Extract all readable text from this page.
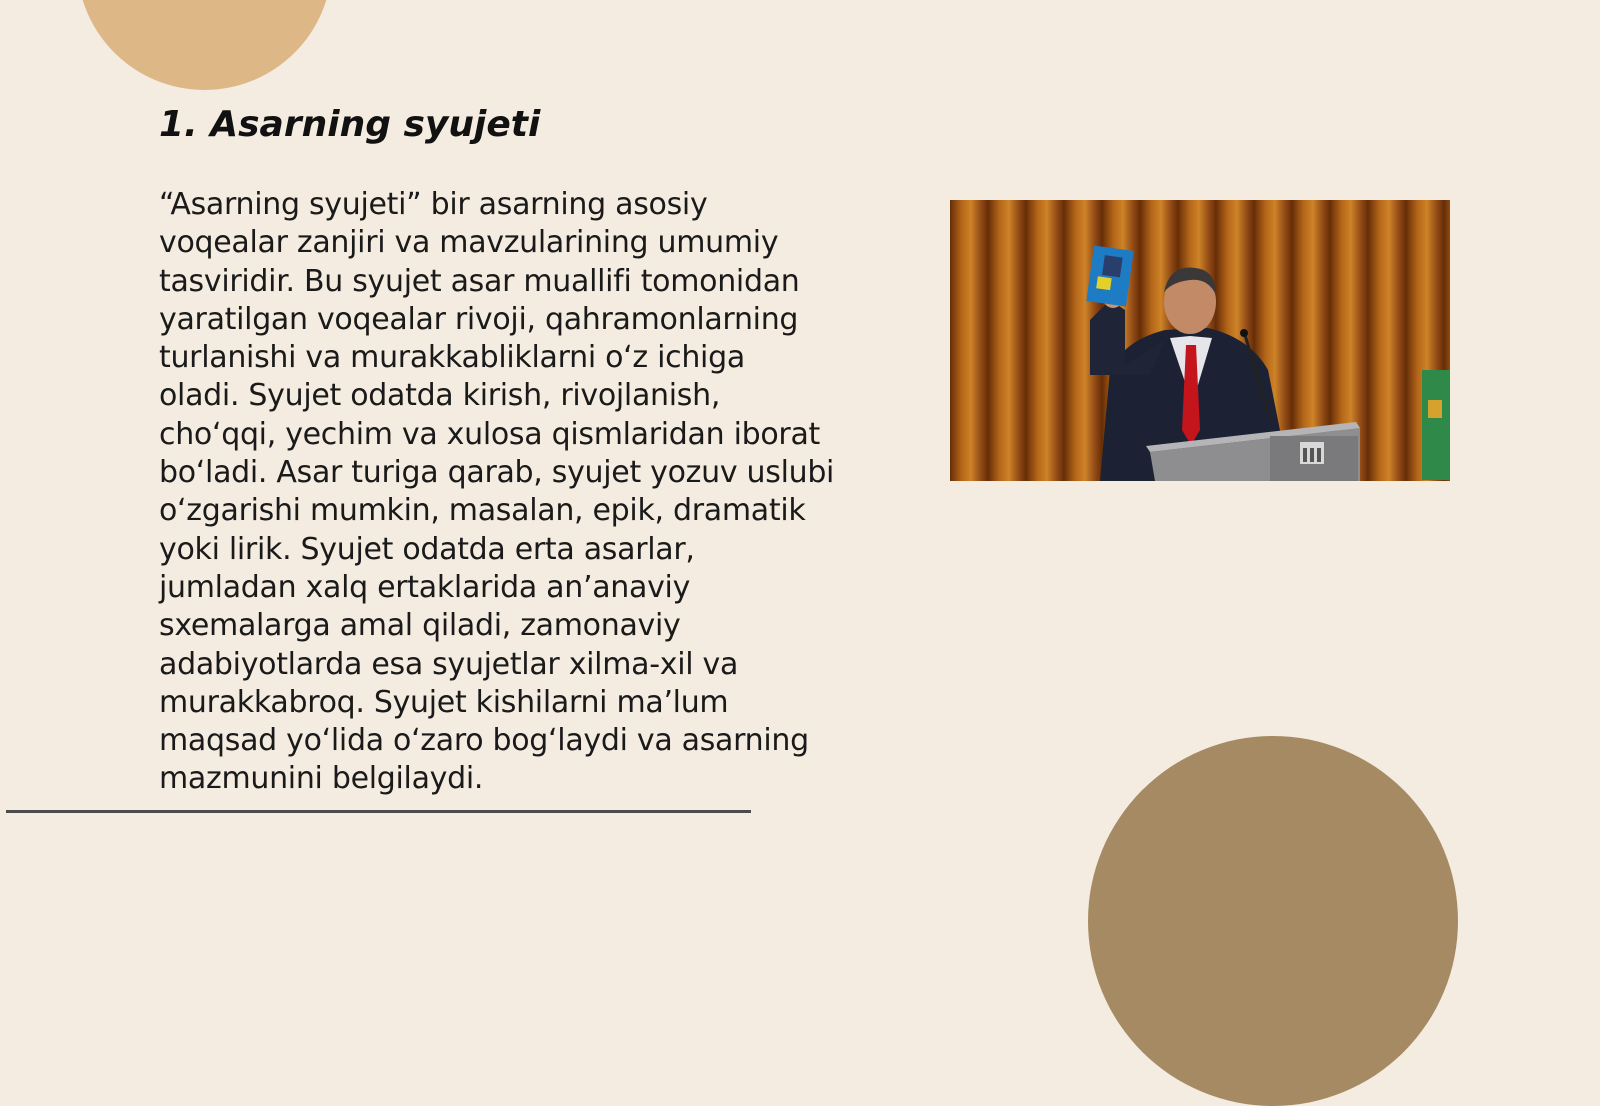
1. Asarning syujeti
“Asarning syujeti” bir asarning asosiy
voqealar zanjiri va mavzularining umumiy
tasviridir. Bu syujet asar muallifi tomonidan
yaratilgan voqealar rivoji, qahramonlarning
turlanishi va murakkabliklarni o‘z ichiga
oladi. Syujet odatda kirish, rivojlanish,
cho‘qqi, yechim va xulosa qismlaridan iborat
bo‘ladi. Asar turiga qarab, syujet yozuv uslubi
o‘zgarishi mumkin, masalan, epik, dramatik
yoki lirik. Syujet odatda erta asarlar,
jumladan xalq ertaklarida an’anaviy
sxemalarga amal qiladi, zamonaviy
adabiyotlarda esa syujetlar xilma-xil va
murakkabroq. Syujet kishilarni ma’lum
maqsad yo‘lida o‘zaro bog‘laydi va asarning
mazmunini belgilaydi.
